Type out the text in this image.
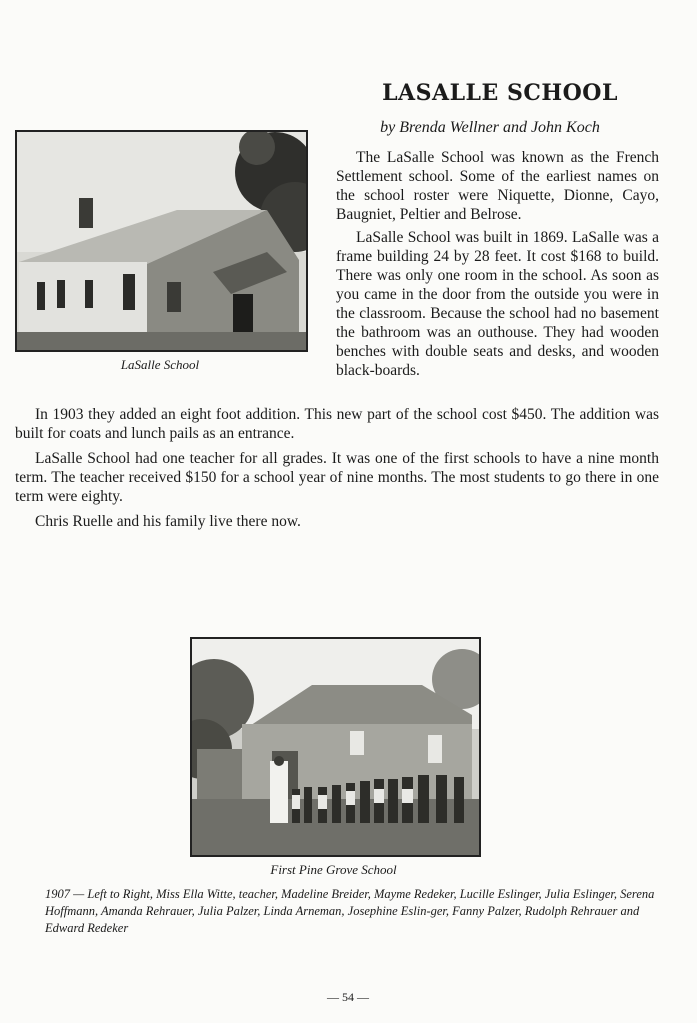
LASALLE SCHOOL
by Brenda Wellner and John Koch
LaSalle School

The LaSalle School was known as the French Settlement school. Some of the earliest names on the school roster were Niquette, Dionne, Cayo, Baugniet, Peltier and Belrose.

LaSalle School was built in 1869. LaSalle was a frame building 24 by 28 feet. It cost $168 to build. There was only one room in the school. As soon as you came in the door from the outside you were in the classroom. Because the school had no basement the bathroom was an outhouse. They had wooden benches with double seats and desks, and wooden black-boards.

In 1903 they added an eight foot addition. This new part of the school cost $450. The addition was built for coats and lunch pails as an entrance.

LaSalle School had one teacher for all grades. It was one of the first schools to have a nine month term. The teacher received $150 for a school year of nine months. The most students to go there in one term were eighty.

Chris Ruelle and his family live there now.

First Pine Grove School

1907 — Left to Right, Miss Ella Witte, teacher, Madeline Breider, Mayme Redeker, Lucille Eslinger, Julia Eslinger, Serena Hoffmann, Amanda Rehrauer, Julia Palzer, Linda Arneman, Josephine Eslin-ger, Fanny Palzer, Rudolph Rehrauer and Edward Redeker

— 54 —
